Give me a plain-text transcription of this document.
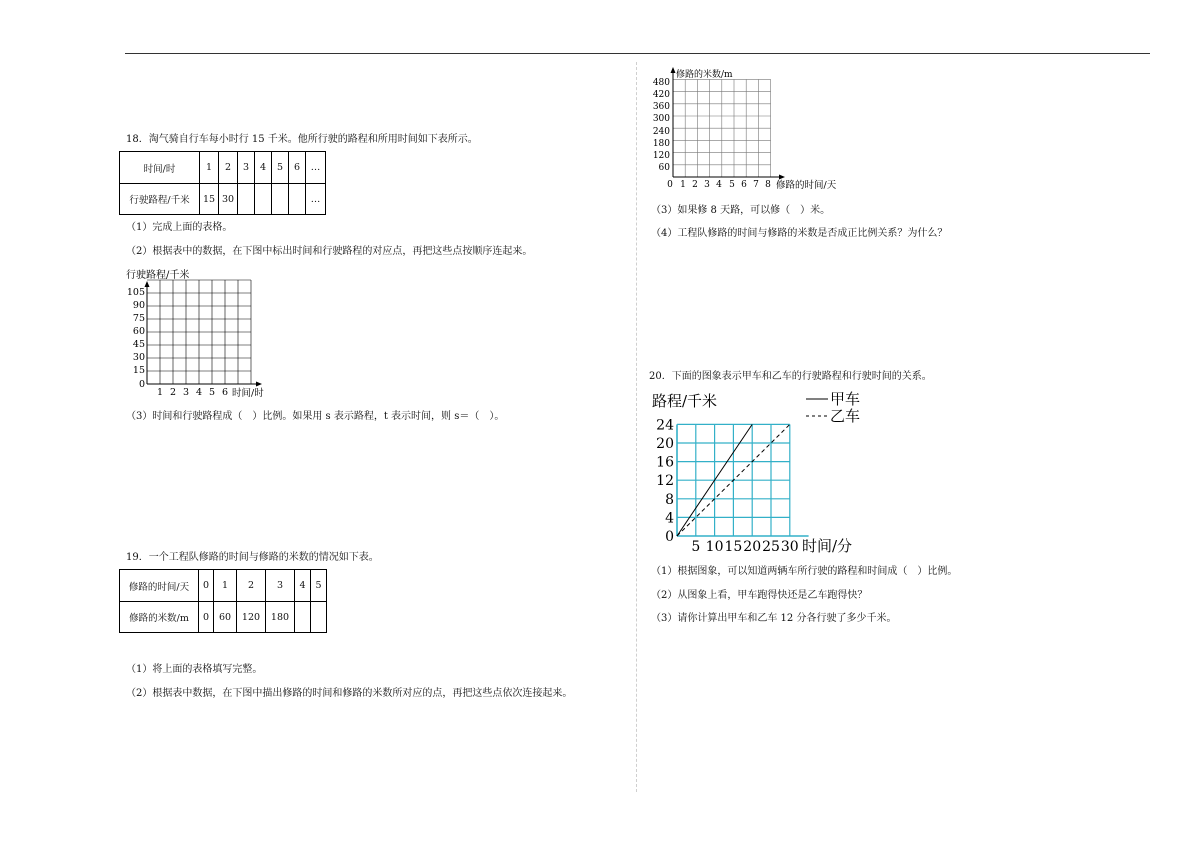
18．淘气骑自行车每小时行 15 千米。他所行驶的路程和所用时间如下表所示。
时间/时	1	2	3	4	5	6	…
行驶路程/千米	15	30					…
（1）完成上面的表格。
（2）根据表中的数据，在下图中标出时间和行驶路程的对应点，再把这些点按顺序连起来。
行驶路程/千米
105
90
75
60
45
30
15
0
1 2 3 4 5 6 时间/时
（3）时间和行驶路程成（　）比例。如果用 s 表示路程，t 表示时间，则 s＝（　）。
19．一个工程队修路的时间与修路的米数的情况如下表。
修路的时间/天	0	1	2	3	4	5
修路的米数/m	0	60	120	180		
（1）将上面的表格填写完整。
（2）根据表中数据，在下图中描出修路的时间和修路的米数所对应的点，再把这些点依次连接起来。
修路的米数/m
480
420
360
300
240
180
120
60
0 1 2 3 4 5 6 7 8 修路的时间/天
（3）如果修 8 天路，可以修（　）米。
（4）工程队修路的时间与修路的米数是否成正比例关系？为什么？
20．下面的图象表示甲车和乙车的行驶路程和行驶时间的关系。
路程/千米
24
20
16
12
8
4
0
5 10 15 20 25 30 时间/分
甲车
乙车
（1）根据图象，可以知道两辆车所行驶的路程和时间成（　）比例。
（2）从图象上看，甲车跑得快还是乙车跑得快？
（3）请你计算出甲车和乙车 12 分各行驶了多少千米。
